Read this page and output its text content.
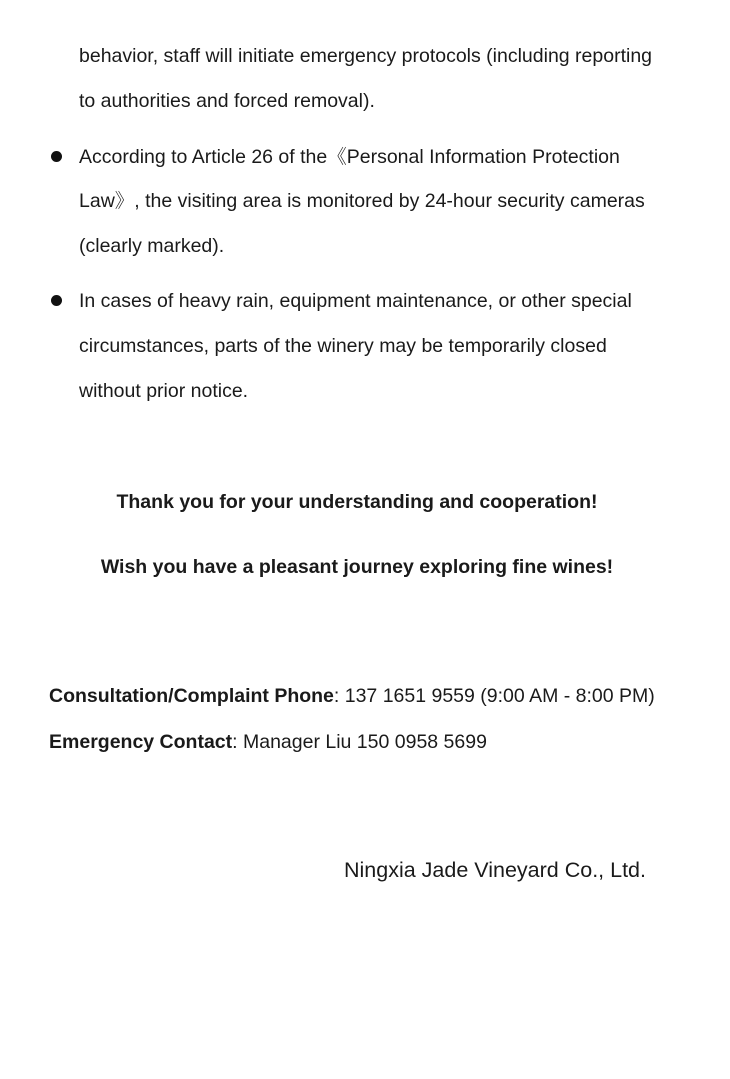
behavior, staff will initiate emergency protocols (including reporting
to authorities and forced removal).
According to Article 26 of the《Personal Information Protection
Law》, the visiting area is monitored by 24-hour security cameras
(clearly marked).
In cases of heavy rain, equipment maintenance, or other special
circumstances, parts of the winery may be temporarily closed
without prior notice.
Thank you for your understanding and cooperation!
Wish you have a pleasant journey exploring fine wines!
Consultation/Complaint Phone: 137 1651 9559 (9:00 AM - 8:00 PM)
Emergency Contact: Manager Liu 150 0958 5699
Ningxia Jade Vineyard Co., Ltd.
